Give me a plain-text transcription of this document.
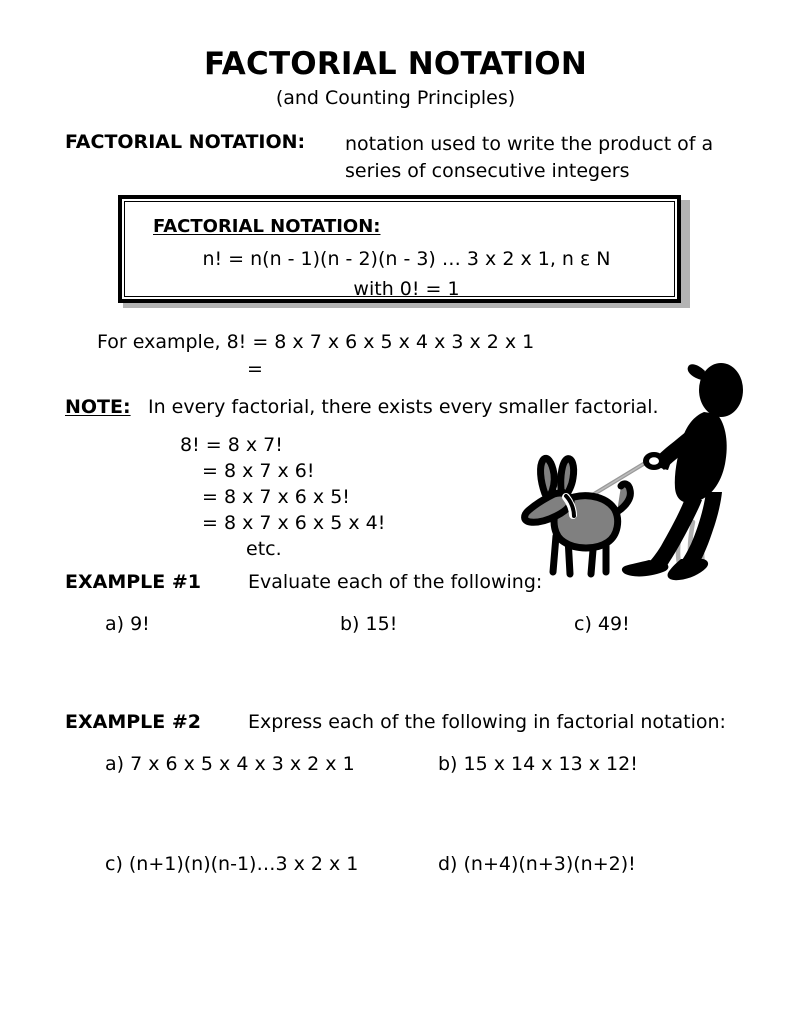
FACTORIAL NOTATION
(and Counting Principles)
FACTORIAL NOTATION: notation used to write the product of a series of consecutive integers
FACTORIAL NOTATION:
n! = n(n - 1)(n - 2)(n - 3) … 3 x 2 x 1, n ε N
with 0! = 1
For example, 8! = 8 x 7 x 6 x 5 x 4 x 3 x 2 x 1
=
NOTE: In every factorial, there exists every smaller factorial.
8! = 8 x 7!
= 8 x 7 x 6!
= 8 x 7 x 6 x 5!
= 8 x 7 x 6 x 5 x 4!
etc.
EXAMPLE #1 Evaluate each of the following:
a) 9!	b) 15!	c) 49!
EXAMPLE #2 Express each of the following in factorial notation:
a) 7 x 6 x 5 x 4 x 3 x 2 x 1	b) 15 x 14 x 13 x 12!
c) (n+1)(n)(n-1)…3 x 2 x 1	d) (n+4)(n+3)(n+2)!
